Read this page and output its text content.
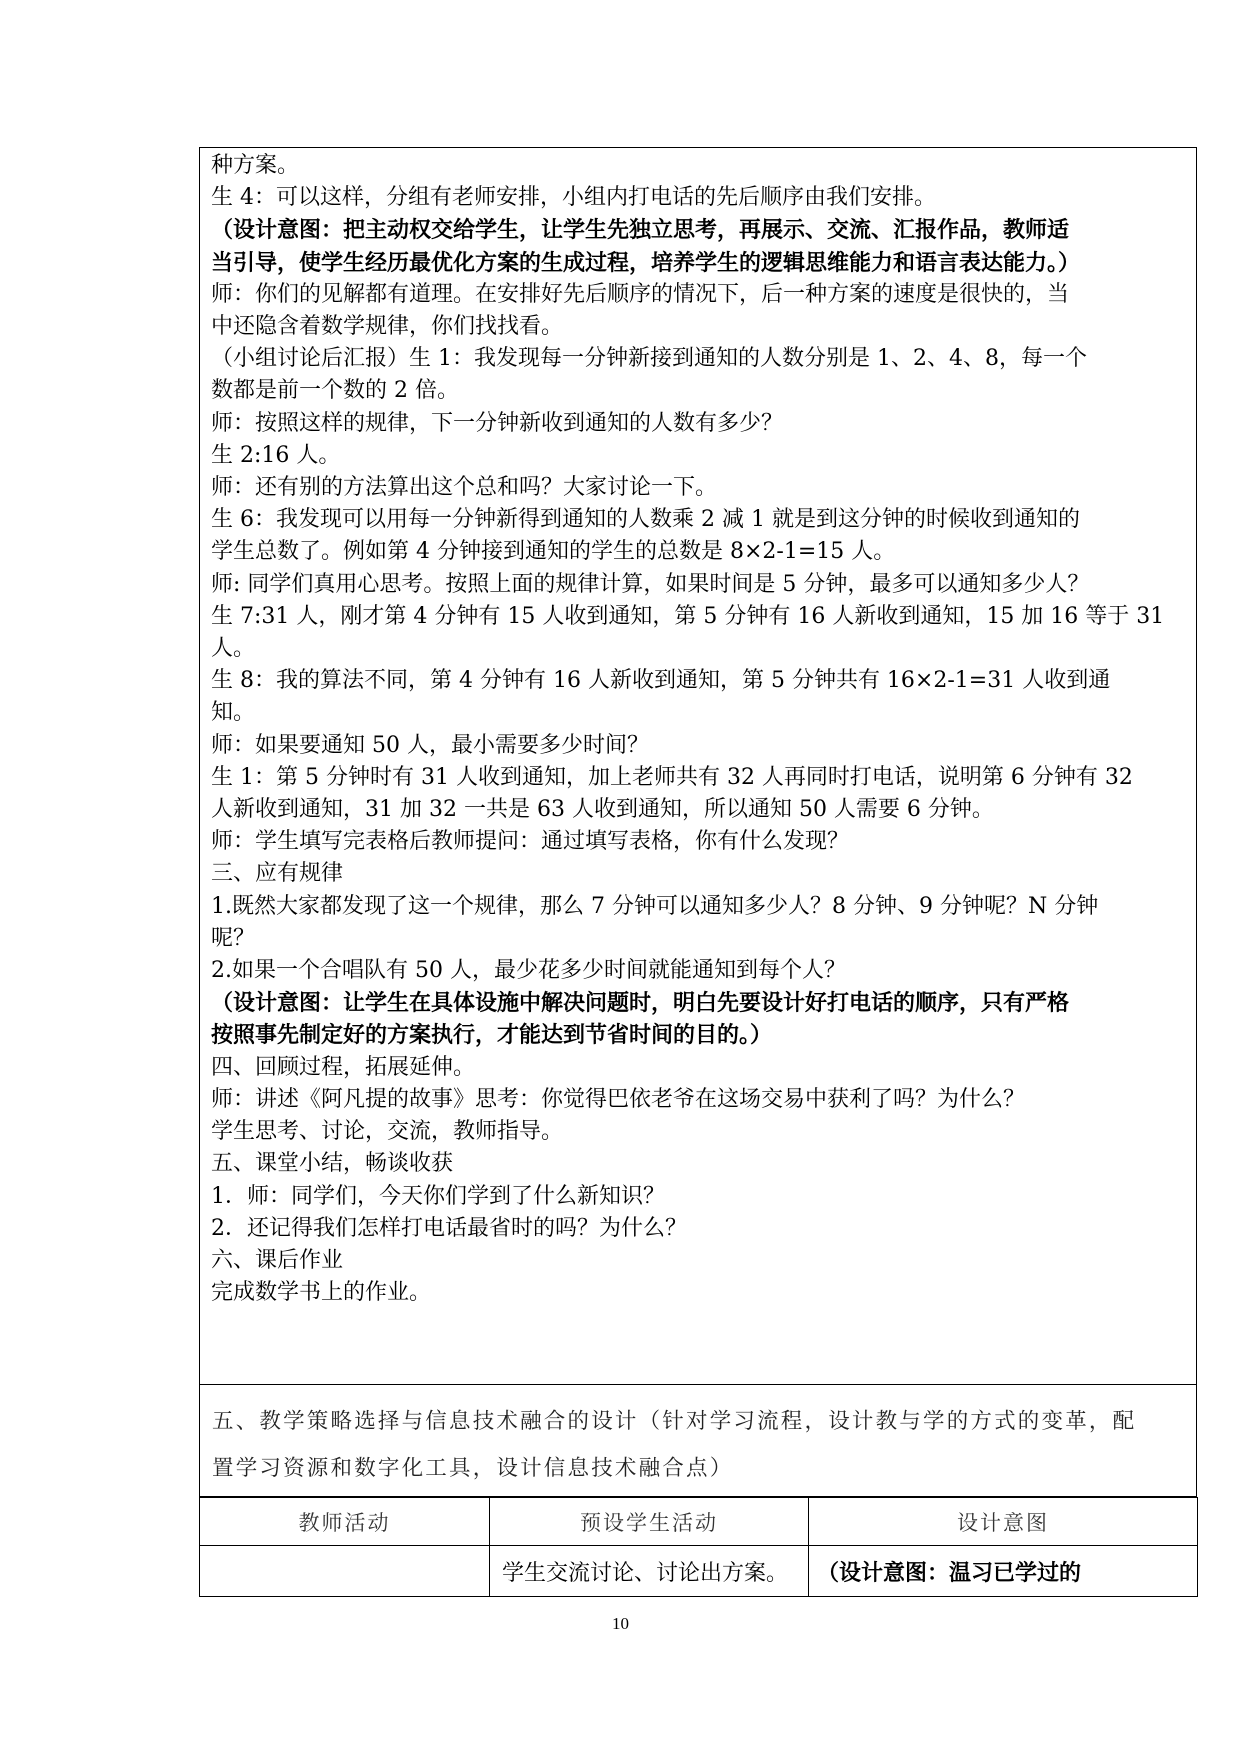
种方案。
生 4：可以这样，分组有老师安排，小组内打电话的先后顺序由我们安排。
（设计意图：把主动权交给学生，让学生先独立思考，再展示、交流、汇报作品，教师适
当引导，使学生经历最优化方案的生成过程，培养学生的逻辑思维能力和语言表达能力。）
师：你们的见解都有道理。在安排好先后顺序的情况下，后一种方案的速度是很快的，当
中还隐含着数学规律，你们找找看。
（小组讨论后汇报）生 1：我发现每一分钟新接到通知的人数分别是 1、2、4、8，每一个
数都是前一个数的 2 倍。
师：按照这样的规律，下一分钟新收到通知的人数有多少？
生 2:16 人。
师：还有别的方法算出这个总和吗？大家讨论一下。
生 6：我发现可以用每一分钟新得到通知的人数乘 2 减 1 就是到这分钟的时候收到通知的
学生总数了。例如第 4 分钟接到通知的学生的总数是 8×2-1=15 人。
师: 同学们真用心思考。按照上面的规律计算，如果时间是 5 分钟，最多可以通知多少人？
生 7:31 人，刚才第 4 分钟有 15 人收到通知，第 5 分钟有 16 人新收到通知，15 加 16 等于 31
人。
生 8：我的算法不同，第 4 分钟有 16 人新收到通知，第 5 分钟共有 16×2-1=31 人收到通
知。
师：如果要通知 50 人，最小需要多少时间？
生 1：第 5 分钟时有 31 人收到通知，加上老师共有 32 人再同时打电话，说明第 6 分钟有 32
人新收到通知，31 加 32 一共是 63 人收到通知，所以通知 50 人需要 6 分钟。
师：学生填写完表格后教师提问：通过填写表格，你有什么发现？
三、应有规律
1.既然大家都发现了这一个规律，那么 7 分钟可以通知多少人？8 分钟、9 分钟呢？N 分钟
呢？
2.如果一个合唱队有 50 人，最少花多少时间就能通知到每个人？
（设计意图：让学生在具体设施中解决问题时，明白先要设计好打电话的顺序，只有严格
按照事先制定好的方案执行，才能达到节省时间的目的。）
四、回顾过程，拓展延伸。
师：讲述《阿凡提的故事》思考：你觉得巴依老爷在这场交易中获利了吗？为什么？
学生思考、讨论，交流，教师指导。
五、课堂小结，畅谈收获
1．师：同学们，今天你们学到了什么新知识？
2．还记得我们怎样打电话最省时的吗？为什么？
六、课后作业
完成数学书上的作业。
五、教学策略选择与信息技术融合的设计（针对学习流程，设计教与学的方式的变革，配
置学习资源和数字化工具，设计信息技术融合点）
教师活动	预设学生活动	设计意图
	学生交流讨论、讨论出方案。	（设计意图：温习已学过的
10
